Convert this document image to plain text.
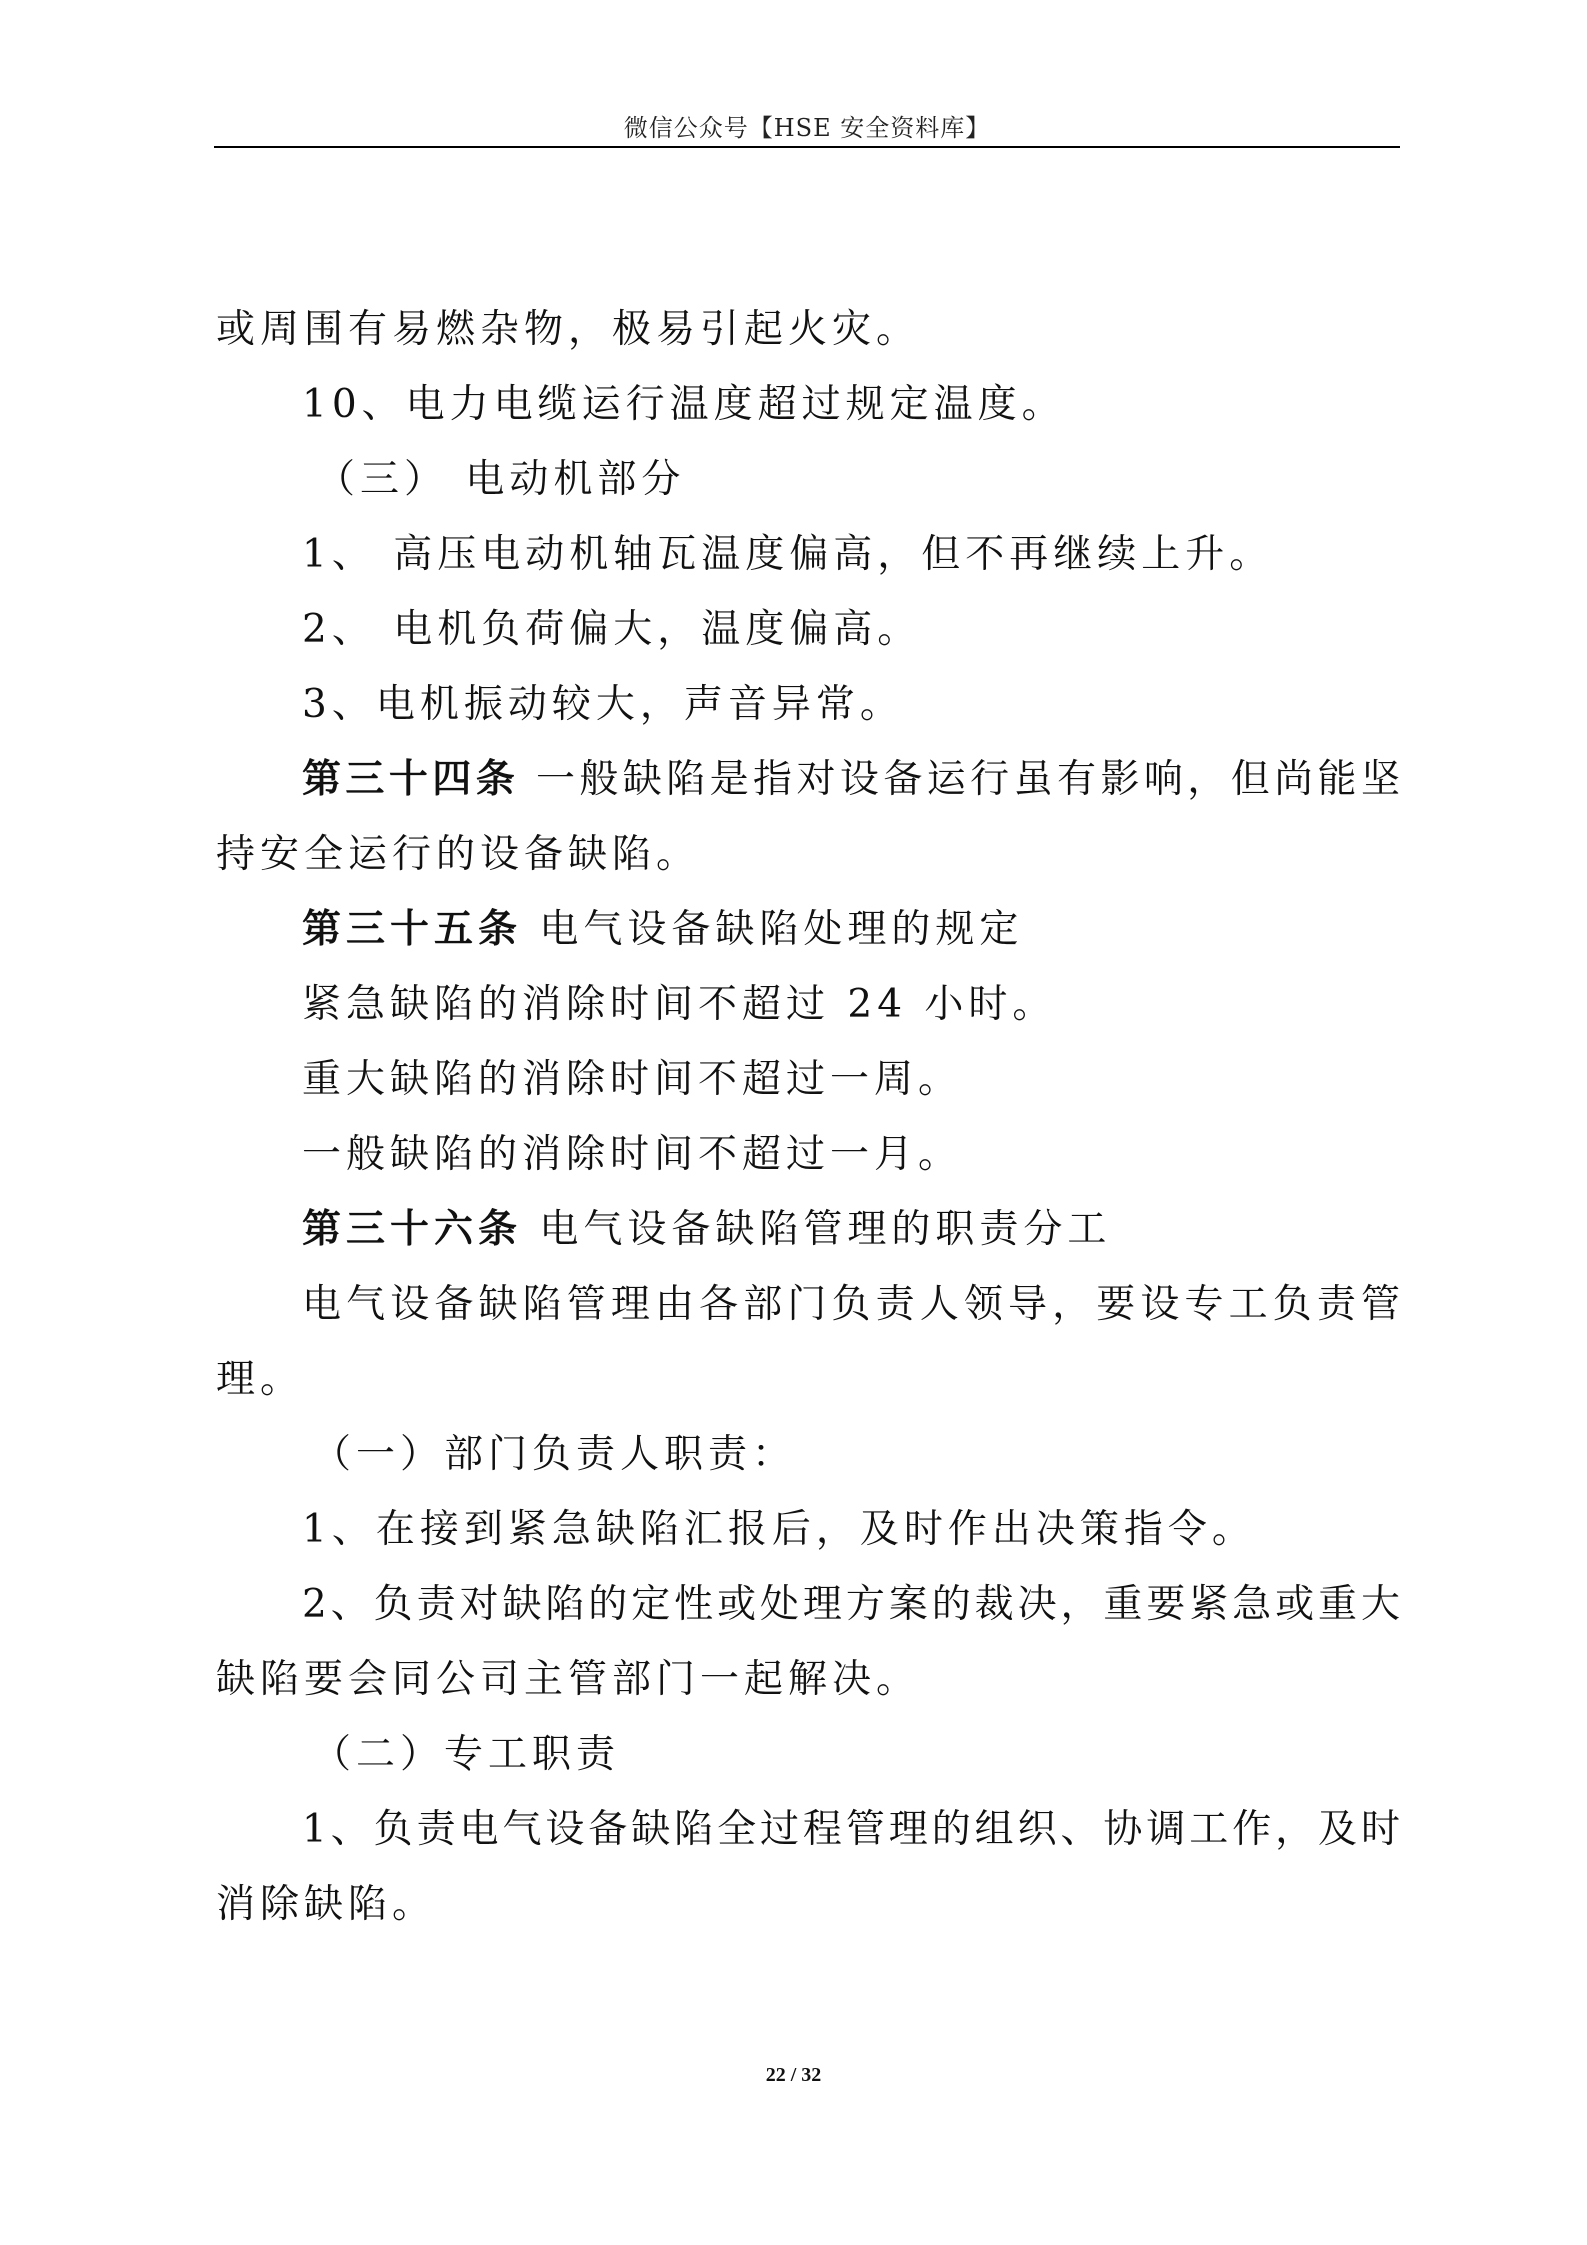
微信公众号【HSE 安全资料库】
或周围有易燃杂物，极易引起火灾。
10、电力电缆运行温度超过规定温度。
（三） 电动机部分
1、 高压电动机轴瓦温度偏高，但不再继续上升。
2、 电机负荷偏大，温度偏高。
3、电机振动较大，声音异常。
第三十四条 一般缺陷是指对设备运行虽有影响，但尚能坚
持安全运行的设备缺陷。
第三十五条 电气设备缺陷处理的规定
紧急缺陷的消除时间不超过 24 小时。
重大缺陷的消除时间不超过一周。
一般缺陷的消除时间不超过一月。
第三十六条 电气设备缺陷管理的职责分工
电气设备缺陷管理由各部门负责人领导，要设专工负责管
理。
（一）部门负责人职责：
1、在接到紧急缺陷汇报后，及时作出决策指令。
2、负责对缺陷的定性或处理方案的裁决，重要紧急或重大
缺陷要会同公司主管部门一起解决。
（二）专工职责
1、负责电气设备缺陷全过程管理的组织、协调工作，及时
消除缺陷。
22 / 32
